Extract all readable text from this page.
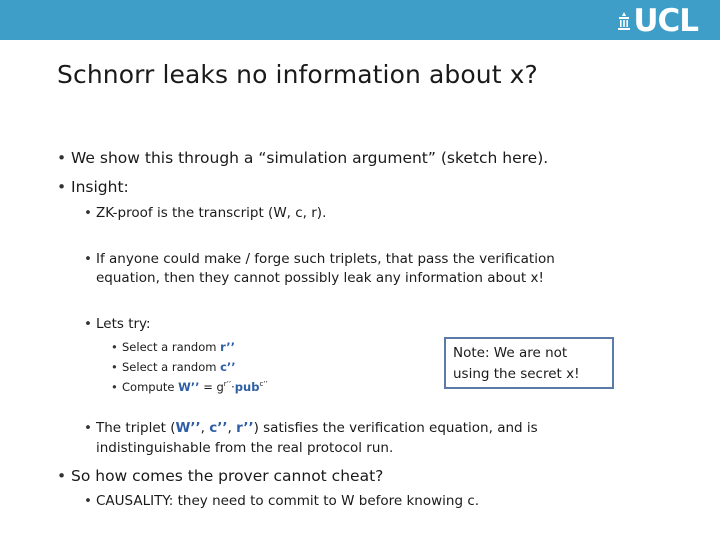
UCL
Schnorr leaks no information about x?
• We show this through a “simulation argument” (sketch here).
• Insight:
• ZK-proof is the transcript (W, c, r).
• If anyone could make / forge such triplets, that pass the verification
equation, then they cannot possibly leak any information about x!
• Lets try:
• Select a random r’’
• Select a random c’’
• Compute W’’ = $g^{r’’}\cdot pub^{c’’}$
Note: We are not
using the secret x!
• The triplet (W’’, c’’, r’’) satisfies the verification equation, and is
indistinguishable from the real protocol run.
• So how comes the prover cannot cheat?
• CAUSALITY: they need to commit to W before knowing c.
